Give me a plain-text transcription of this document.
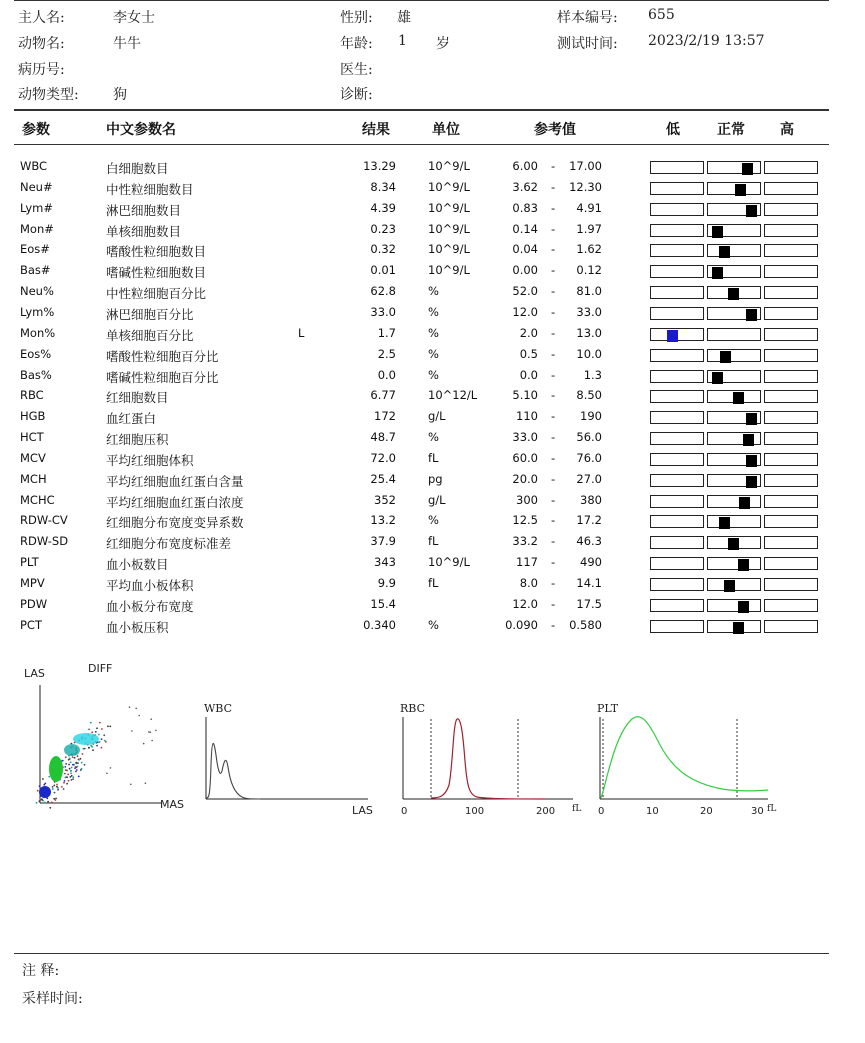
主人名:	李女士
动物名:	牛牛
病历号:
动物类型: 狗
性别: 雄
年龄: 1 岁
医生:
诊断:
样本编号: 655
测试时间: 2023/2/19 13:57
参数	中文参数名	结果	单位	参考值	低	正常	高
WBC	白细胞数目	13.29	10^9/L	6.00 - 17.00
Neu#	中性粒细胞数目	8.34	10^9/L	3.62 - 12.30
Lym#	淋巴细胞数目	4.39	10^9/L	0.83 - 4.91
Mon#	单核细胞数目	0.23	10^9/L	0.14 - 1.97
Eos#	嗜酸性粒细胞数目	0.32	10^9/L	0.04 - 1.62
Bas#	嗜碱性粒细胞数目	0.01	10^9/L	0.00 - 0.12
Neu%	中性粒细胞百分比	62.8	%	52.0 - 81.0
Lym%	淋巴细胞百分比	33.0	%	12.0 - 33.0
Mon%	单核细胞百分比	L	1.7	%	2.0 - 13.0
Eos%	嗜酸性粒细胞百分比	2.5	%	0.5 - 10.0
Bas%	嗜碱性粒细胞百分比	0.0	%	0.0 - 1.3
RBC	红细胞数目	6.77	10^12/L	5.10 - 8.50
HGB	血红蛋白	172	g/L	110 - 190
HCT	红细胞压积	48.7	%	33.0 - 56.0
MCV	平均红细胞体积	72.0	fL	60.0 - 76.0
MCH	平均红细胞血红蛋白含量	25.4	pg	20.0 - 27.0
MCHC	平均红细胞血红蛋白浓度	352	g/L	300 - 380
RDW-CV	红细胞分布宽度变异系数	13.2	%	12.5 - 17.2
RDW-SD	红细胞分布宽度标准差	37.9	fL	33.2 - 46.3
PLT	血小板数目	343	10^9/L	117 - 490
MPV	平均血小板体积	9.9	fL	8.0 - 14.1
PDW	血小板分布宽度	15.4	12.0 - 17.5
PCT	血小板压积	0.340	%	0.090 - 0.580
LAS	DIFF
MAS
WBC
LAS
RBC
0	100	200 fL
PLT
0	10	20	30 fL
注 释:
采样时间:
